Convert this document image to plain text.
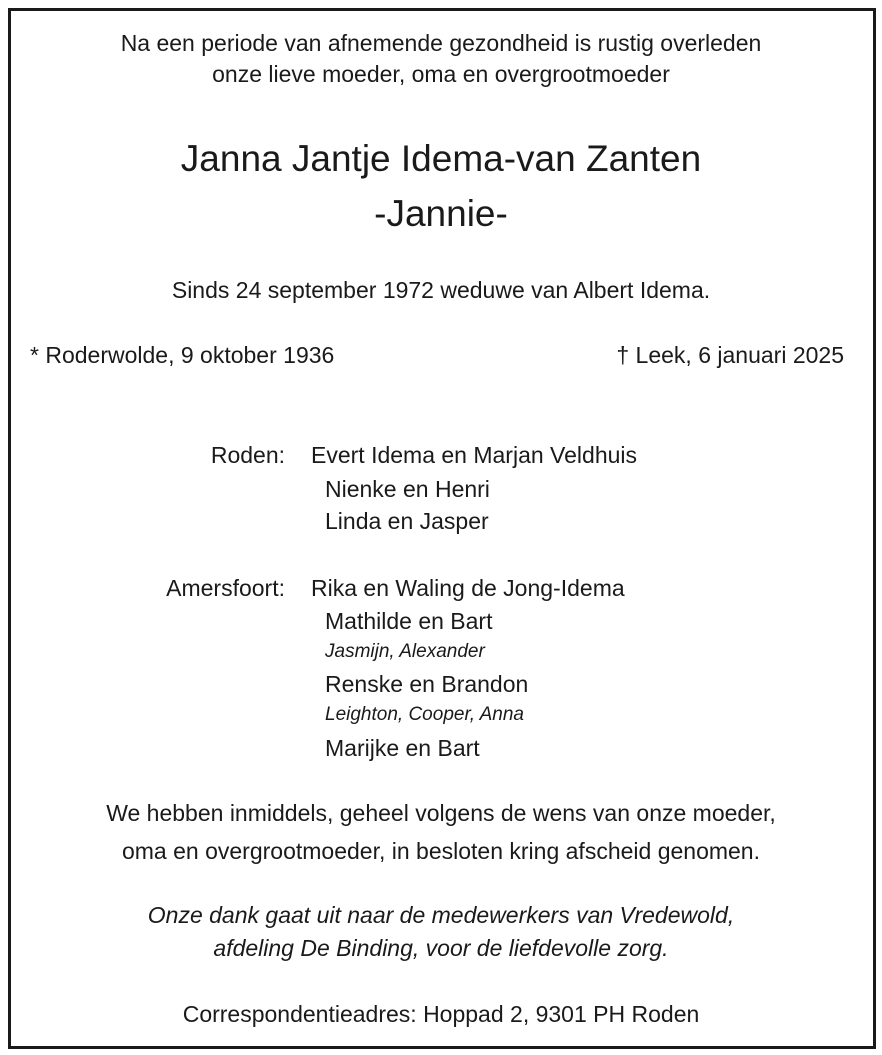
Na een periode van afnemende gezondheid is rustig overleden
onze lieve moeder, oma en overgrootmoeder
Janna Jantje Idema-van Zanten
-Jannie-
Sinds 24 september 1972 weduwe van Albert Idema.
* Roderwolde, 9 oktober 1936	† Leek, 6 januari 2025
Roden: Evert Idema en Marjan Veldhuis
Nienke en Henri
Linda en Jasper
Amersfoort: Rika en Waling de Jong-Idema
Mathilde en Bart
Jasmijn, Alexander
Renske en Brandon
Leighton, Cooper, Anna
Marijke en Bart
We hebben inmiddels, geheel volgens de wens van onze moeder,
oma en overgrootmoeder, in besloten kring afscheid genomen.
Onze dank gaat uit naar de medewerkers van Vredewold,
afdeling De Binding, voor de liefdevolle zorg.
Correspondentieadres: Hoppad 2, 9301 PH Roden
